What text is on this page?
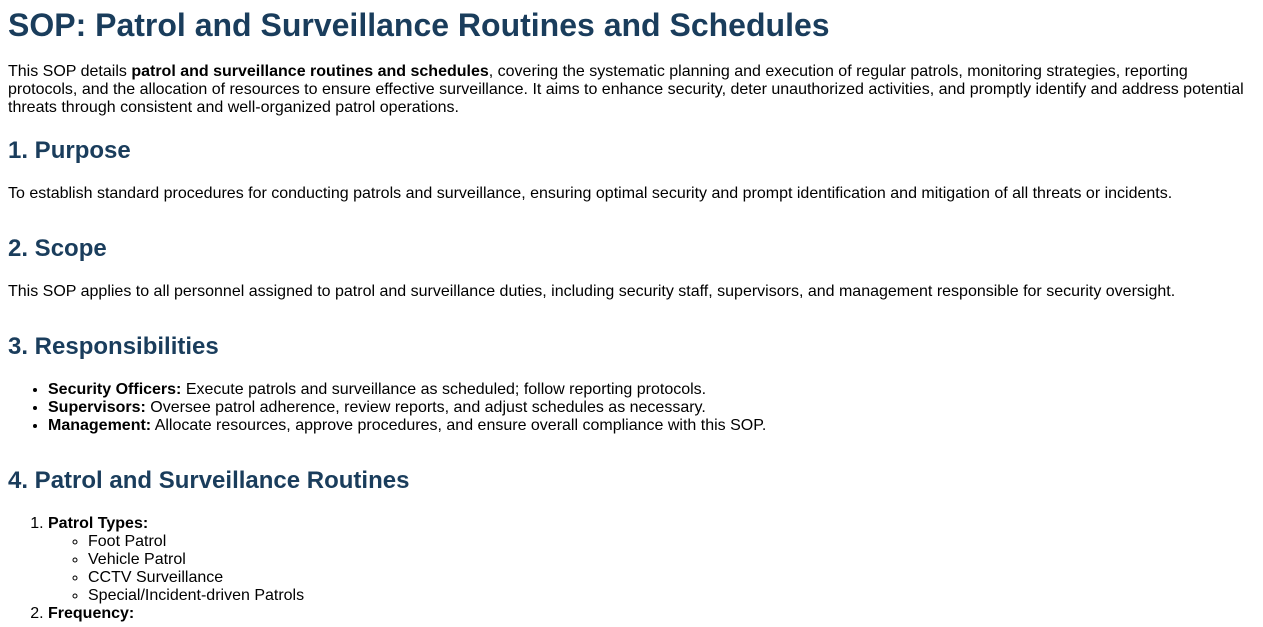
SOP: Patrol and Surveillance Routines and Schedules

This SOP details patrol and surveillance routines and schedules, covering the systematic planning and execution of regular patrols, monitoring strategies, reporting protocols, and the allocation of resources to ensure effective surveillance. It aims to enhance security, deter unauthorized activities, and promptly identify and address potential threats through consistent and well-organized patrol operations.

1. Purpose

To establish standard procedures for conducting patrols and surveillance, ensuring optimal security and prompt identification and mitigation of all threats or incidents.

2. Scope

This SOP applies to all personnel assigned to patrol and surveillance duties, including security staff, supervisors, and management responsible for security oversight.

3. Responsibilities
• Security Officers: Execute patrols and surveillance as scheduled; follow reporting protocols.
• Supervisors: Oversee patrol adherence, review reports, and adjust schedules as necessary.
• Management: Allocate resources, approve procedures, and ensure overall compliance with this SOP.
4. Patrol and Surveillance Routines
1. Patrol Types:
◦ Foot Patrol
◦ Vehicle Patrol
◦ CCTV Surveillance
◦ Special/Incident-driven Patrols
2. Frequency:
